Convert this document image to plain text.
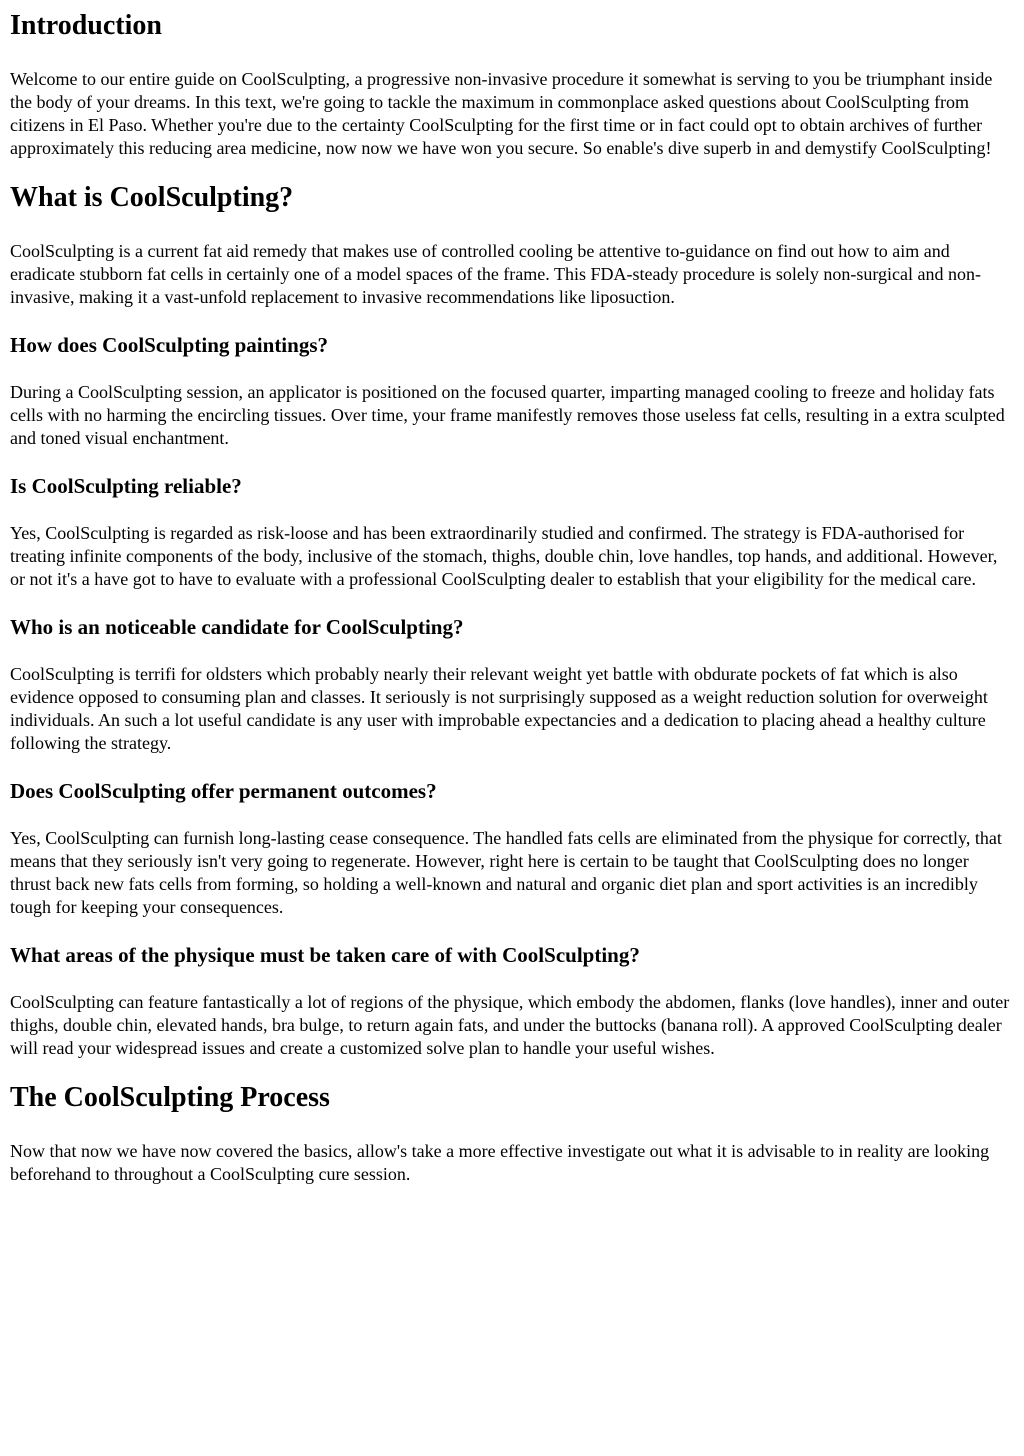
Introduction

Welcome to our entire guide on CoolSculpting, a progressive non-invasive procedure it somewhat is serving to you be triumphant inside the body of your dreams. In this text, we're going to tackle the maximum in commonplace asked questions about CoolSculpting from citizens in El Paso. Whether you're due to the certainty CoolSculpting for the first time or in fact could opt to obtain archives of further approximately this reducing area medicine, now now we have won you secure. So enable's dive superb in and demystify CoolSculpting!

What is CoolSculpting?

CoolSculpting is a current fat aid remedy that makes use of controlled cooling be attentive to-guidance on find out how to aim and eradicate stubborn fat cells in certainly one of a model spaces of the frame. This FDA-steady procedure is solely non-surgical and non-invasive, making it a vast-unfold replacement to invasive recommendations like liposuction.

How does CoolSculpting paintings?

During a CoolSculpting session, an applicator is positioned on the focused quarter, imparting managed cooling to freeze and holiday fats cells with no harming the encircling tissues. Over time, your frame manifestly removes those useless fat cells, resulting in a extra sculpted and toned visual enchantment.

Is CoolSculpting reliable?

Yes, CoolSculpting is regarded as risk-loose and has been extraordinarily studied and confirmed. The strategy is FDA-authorised for treating infinite components of the body, inclusive of the stomach, thighs, double chin, love handles, top hands, and additional. However, or not it's a have got to have to evaluate with a professional CoolSculpting dealer to establish that your eligibility for the medical care.

Who is an noticeable candidate for CoolSculpting?

CoolSculpting is terrifi for oldsters which probably nearly their relevant weight yet battle with obdurate pockets of fat which is also evidence opposed to consuming plan and classes. It seriously is not surprisingly supposed as a weight reduction solution for overweight individuals. An such a lot useful candidate is any user with improbable expectancies and a dedication to placing ahead a healthy culture following the strategy.

Does CoolSculpting offer permanent outcomes?

Yes, CoolSculpting can furnish long-lasting cease consequence. The handled fats cells are eliminated from the physique for correctly, that means that they seriously isn't very going to regenerate. However, right here is certain to be taught that CoolSculpting does no longer thrust back new fats cells from forming, so holding a well-known and natural and organic diet plan and sport activities is an incredibly tough for keeping your consequences.

What areas of the physique must be taken care of with CoolSculpting?

CoolSculpting can feature fantastically a lot of regions of the physique, which embody the abdomen, flanks (love handles), inner and outer thighs, double chin, elevated hands, bra bulge, to return again fats, and under the buttocks (banana roll). A approved CoolSculpting dealer will read your widespread issues and create a customized solve plan to handle your useful wishes.

The CoolSculpting Process

Now that now we have now covered the basics, allow's take a more effective investigate out what it is advisable to in reality are looking beforehand to throughout a CoolSculpting cure session.
